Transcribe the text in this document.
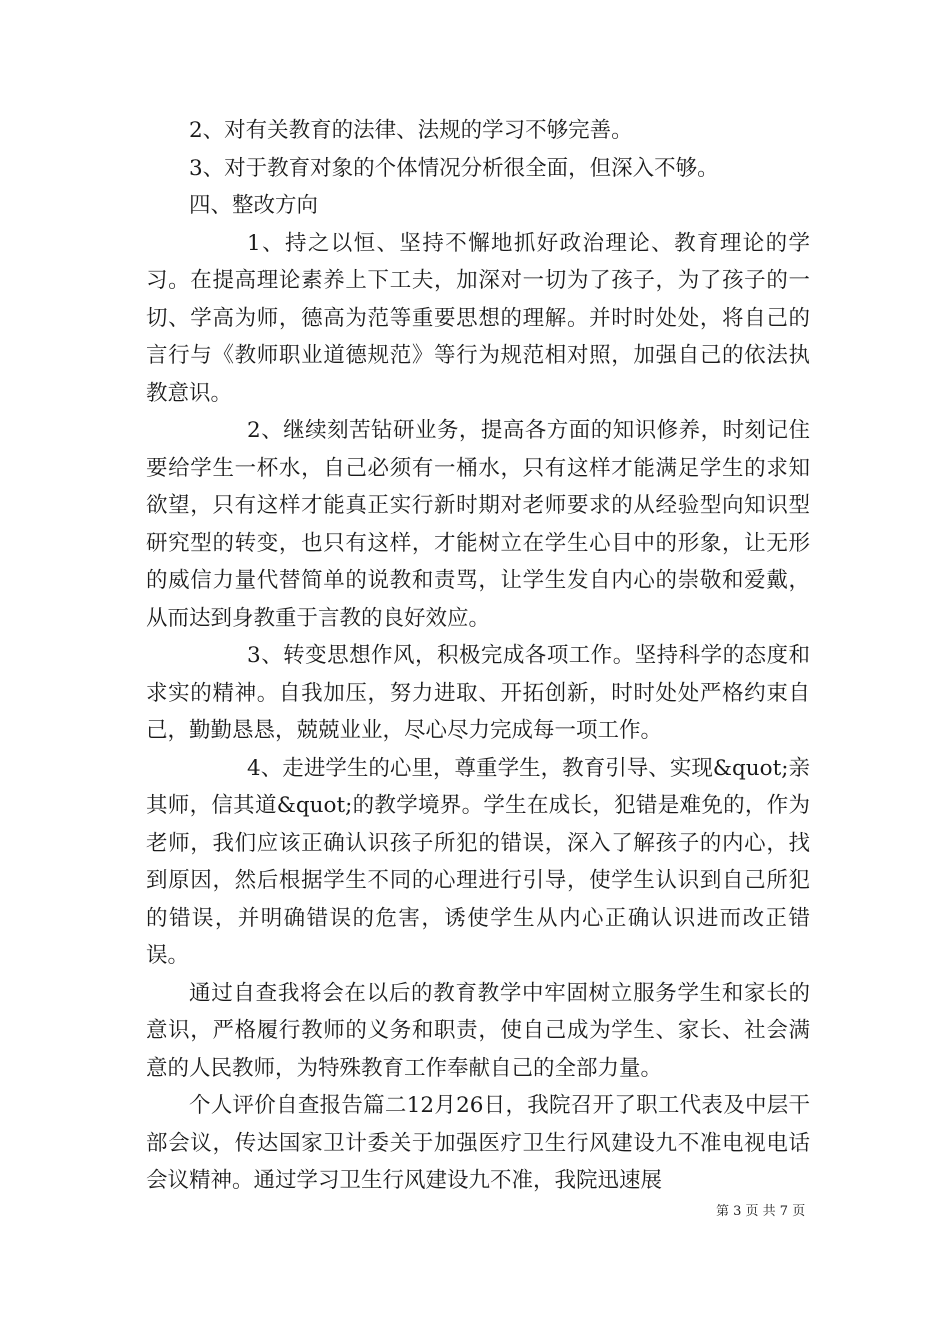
2、对有关教育的法律、法规的学习不够完善。

3、对于教育对象的个体情况分析很全面，但深入不够。

四、整改方向

1、持之以恒、坚持不懈地抓好政治理论、教育理论的学习。在提高理论素养上下工夫，加深对一切为了孩子，为了孩子的一切、学高为师，德高为范等重要思想的理解。并时时处处，将自己的言行与《教师职业道德规范》等行为规范相对照，加强自己的依法执教意识。

2、继续刻苦钻研业务，提高各方面的知识修养，时刻记住要给学生一杯水，自己必须有一桶水，只有这样才能满足学生的求知欲望，只有这样才能真正实行新时期对老师要求的从经验型向知识型研究型的转变，也只有这样，才能树立在学生心目中的形象，让无形的威信力量代替简单的说教和责骂，让学生发自内心的崇敬和爱戴，从而达到身教重于言教的良好效应。

3、转变思想作风，积极完成各项工作。坚持科学的态度和求实的精神。自我加压，努力进取、开拓创新，时时处处严格约束自己，勤勤恳恳，兢兢业业，尽心尽力完成每一项工作。

4、走进学生的心里，尊重学生，教育引导、实现&quot;亲其师，信其道&quot;的教学境界。学生在成长，犯错是难免的，作为老师，我们应该正确认识孩子所犯的错误，深入了解孩子的内心，找到原因，然后根据学生不同的心理进行引导，使学生认识到自己所犯的错误，并明确错误的危害，诱使学生从内心正确认识进而改正错误。

通过自查我将会在以后的教育教学中牢固树立服务学生和家长的意识，严格履行教师的义务和职责，使自己成为学生、家长、社会满意的人民教师，为特殊教育工作奉献自己的全部力量。

个人评价自查报告篇二12月26日，我院召开了职工代表及中层干部会议，传达国家卫计委关于加强医疗卫生行风建设九不准电视电话会议精神。通过学习卫生行风建设九不准，我院迅速展

第 3 页 共 7 页
